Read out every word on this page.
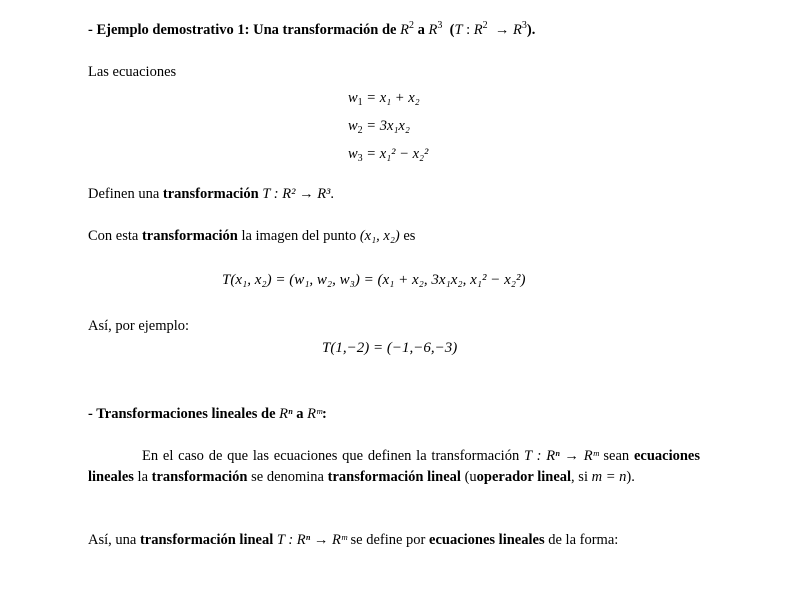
- Ejemplo demostrativo 1: Una transformación de $R^2$ a $R^3$  (T : $R^2 \to R^3$).
Las ecuaciones
$w_1 = x_1 + x_2$
$w_2 = 3x_1x_2$
$w_3 = x_1^2 - x_2^2$
Definen una transformación T : R² → R³.
Con esta transformación la imagen del punto (x₁, x₂) es
T(x₁, x₂) = (w₁, w₂, w₃) = (x₁ + x₂, 3x₁x₂, x₁² − x₂²)
Así, por ejemplo:
T(1,−2) = (−1,−6,−3)
- Transformaciones lineales de Rⁿ a Rᵐ:
En el caso de que las ecuaciones que definen la transformación T : Rⁿ → Rᵐ sean ecuaciones lineales la transformación se denomina transformación lineal (uoperador lineal, si m = n).
Así, una transformación lineal T : Rⁿ → Rᵐ se define por ecuaciones lineales de la forma:
